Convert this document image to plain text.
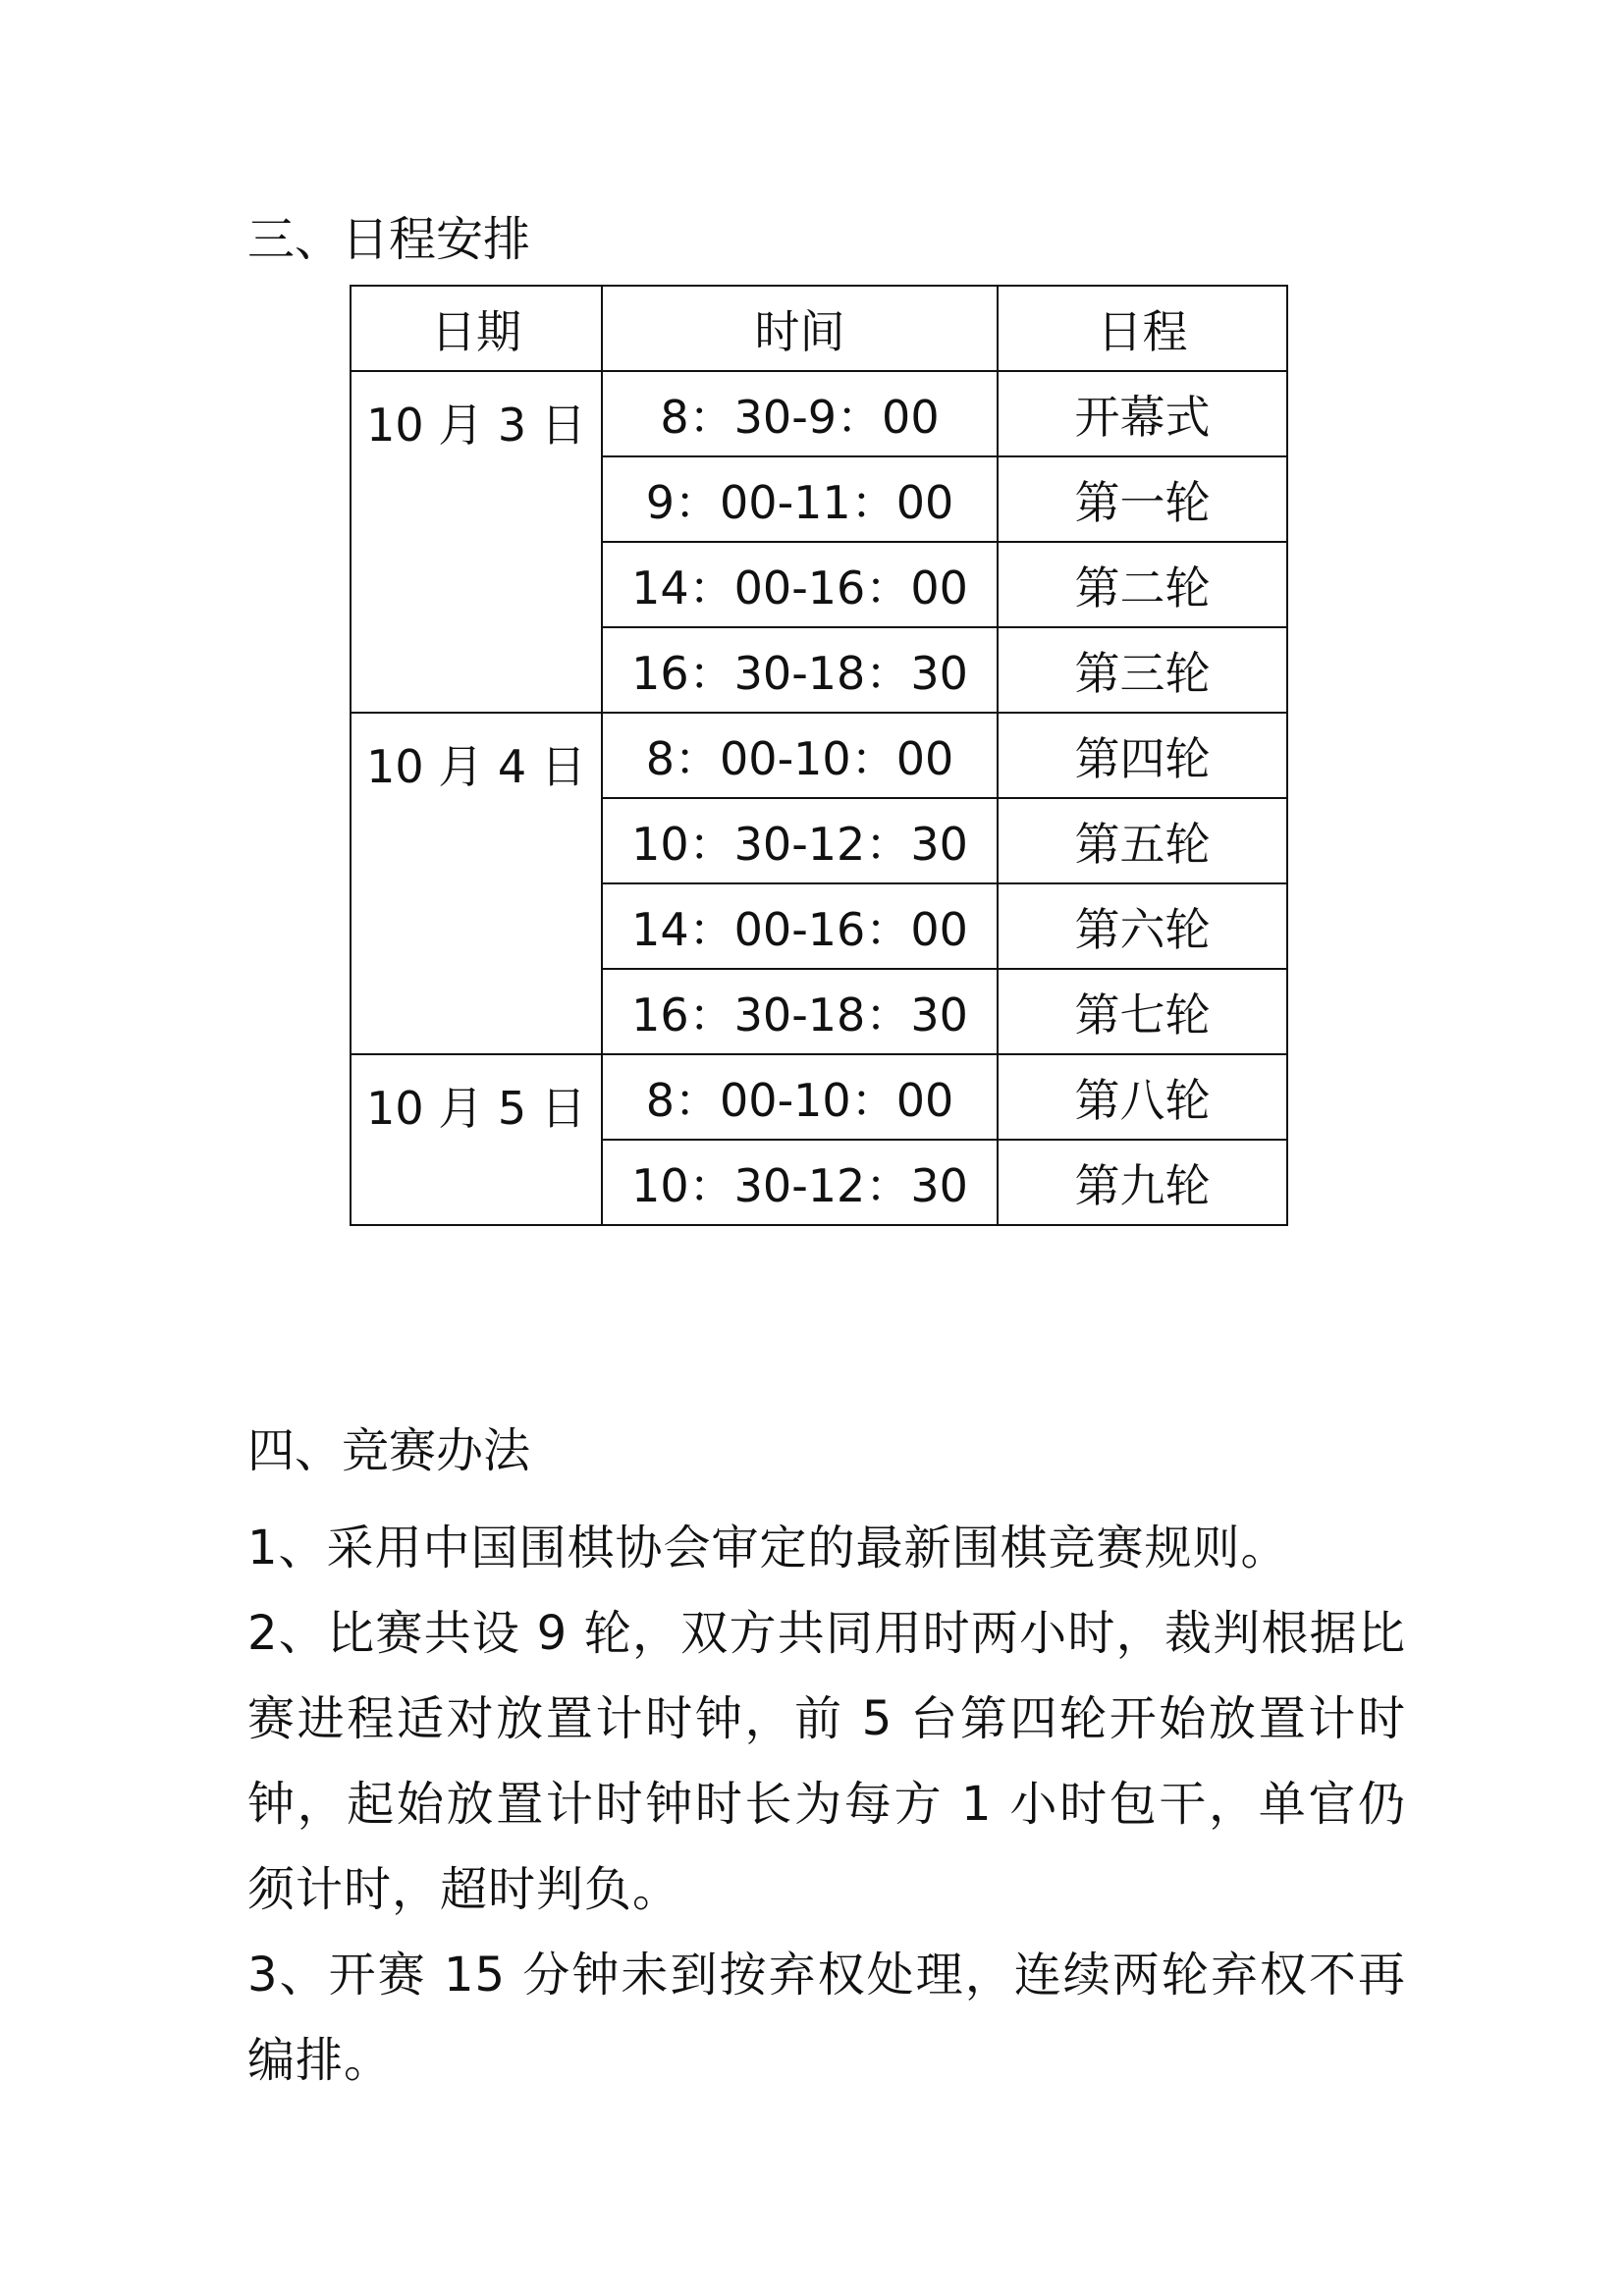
三、日程安排
日期	时间	日程
10 月 3 日	8：30-9：00	开幕式
	9：00-11：00	第一轮
	14：00-16：00	第二轮
	16：30-18：30	第三轮
10 月 4 日	8：00-10：00	第四轮
	10：30-12：30	第五轮
	14：00-16：00	第六轮
	16：30-18：30	第七轮
10 月 5 日	8：00-10：00	第八轮
	10：30-12：30	第九轮
四、竞赛办法
1、采用中国围棋协会审定的最新围棋竞赛规则。
2、比赛共设 9 轮，双方共同用时两小时，裁判根据比赛进程适对放置计时钟，前 5 台第四轮开始放置计时钟，起始放置计时钟时长为每方 1 小时包干，单官仍须计时，超时判负。
3、开赛 15 分钟未到按弃权处理，连续两轮弃权不再编排。
